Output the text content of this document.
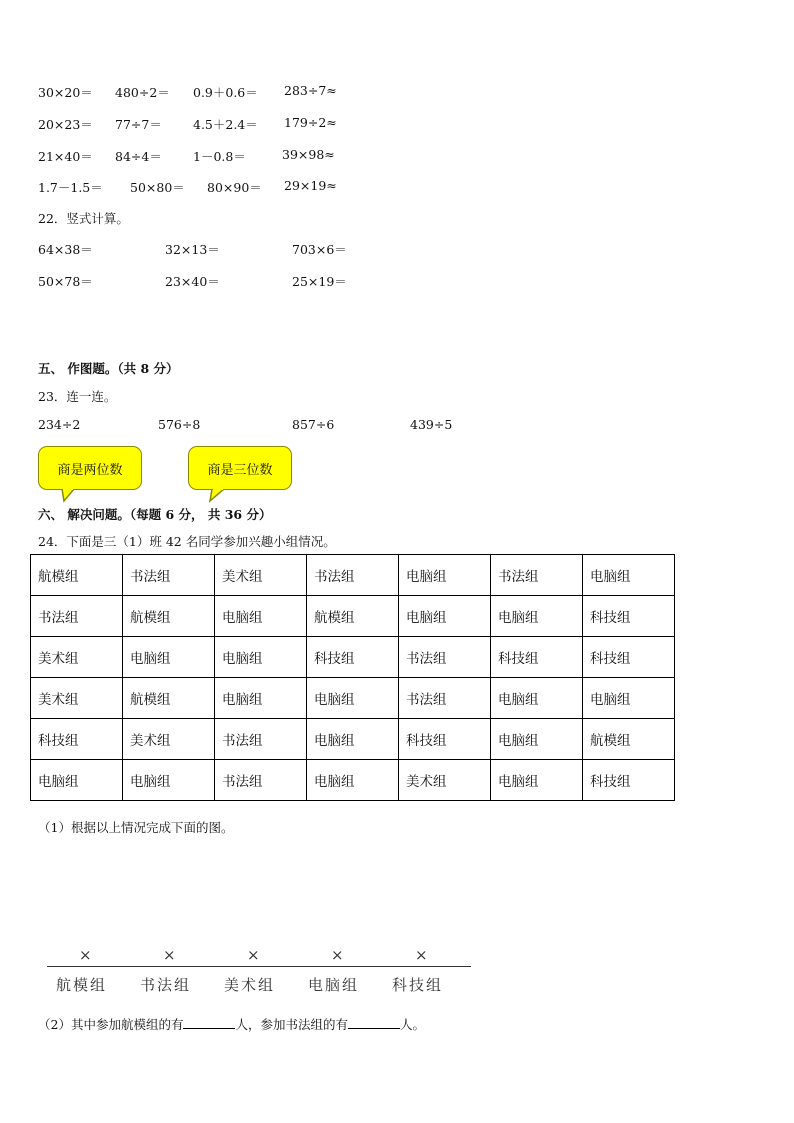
30×20＝ 480÷2＝ 0.9＋0.6＝ 283÷7≈
20×23＝ 77÷7＝ 4.5＋2.4＝ 179÷2≈
21×40＝ 84÷4＝ 1－0.8＝	39×98≈
1.7－1.5＝ 50×80＝ 80×90＝ 29×19≈
22．竖式计算。
64×38＝	32×13＝	703×6＝
50×78＝	23×40＝	25×19＝
五、 作图题。（共 8 分）
23．连一连。
234÷2	576÷8	857÷6	439÷5
商是两位数	商是三位数
六、 解决问题。（每题 6 分， 共 36 分）
24．下面是三（1）班 42 名同学参加兴趣小组情况。
航模组	书法组	美术组	书法组	电脑组	书法组	电脑组
书法组	航模组	电脑组	航模组	电脑组	电脑组	科技组
美术组	电脑组	电脑组	科技组	书法组	科技组	科技组
美术组	航模组	电脑组	电脑组	书法组	电脑组	电脑组
科技组	美术组	书法组	电脑组	科技组	电脑组	航模组
电脑组	电脑组	书法组	电脑组	美术组	电脑组	科技组
（1）根据以上情况完成下面的图。
×
航模组
×
书法组
×
美术组
×
电脑组
×
科技组
（2）其中参加航模组的有	人，参加书法组的有	人。
